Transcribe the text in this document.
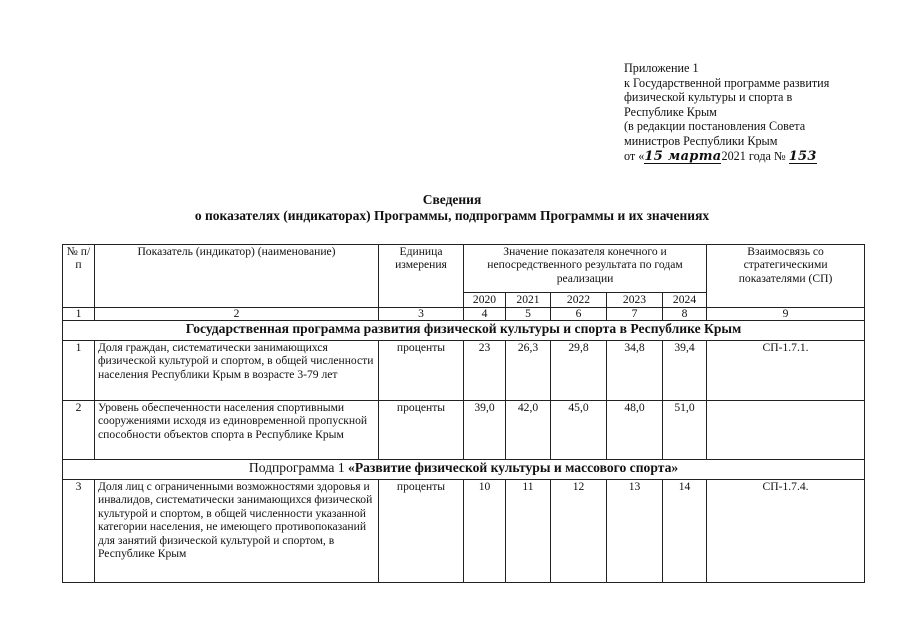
Приложение 1
к Государственной программе развития
физической культуры и спорта в
Республике Крым
(в редакции постановления Совета
министров Республики Крым
от «15 марта2021 года № 153
Сведения
о показателях (индикаторах) Программы, подпрограмм Программы и их значениях
№ п/п	Показатель (индикатор) (наименование)	Единица измерения	Значение показателя конечного и непосредственного результата по годам реализации					Взаимосвязь со стратегическими показателями (СП)
			2020	2021	2022	2023	2024	
1	2	3	4	5	6	7	8	9
Государственная программа развития физической культуры и спорта в Республике Крым								
1	Доля граждан, систематически занимающихся физической культурой и спортом, в общей численности населения Республики Крым в возрасте 3-79 лет	проценты	23	26,3	29,8	34,8	39,4	СП-1.7.1.
2	Уровень обеспеченности населения спортивными сооружениями исходя из единовременной пропускной способности объектов спорта в Республике Крым	проценты	39,0	42,0	45,0	48,0	51,0	
Подпрограмма 1 «Развитие физической культуры и массового спорта»								
3	Доля лиц с ограниченными возможностями здоровья и инвалидов, систематически занимающихся физической культурой и спортом, в общей численности указанной категории населения, не имеющего противопоказаний для занятий физической культурой и спортом, в Республике Крым	проценты	10	11	12	13	14	СП-1.7.4.
